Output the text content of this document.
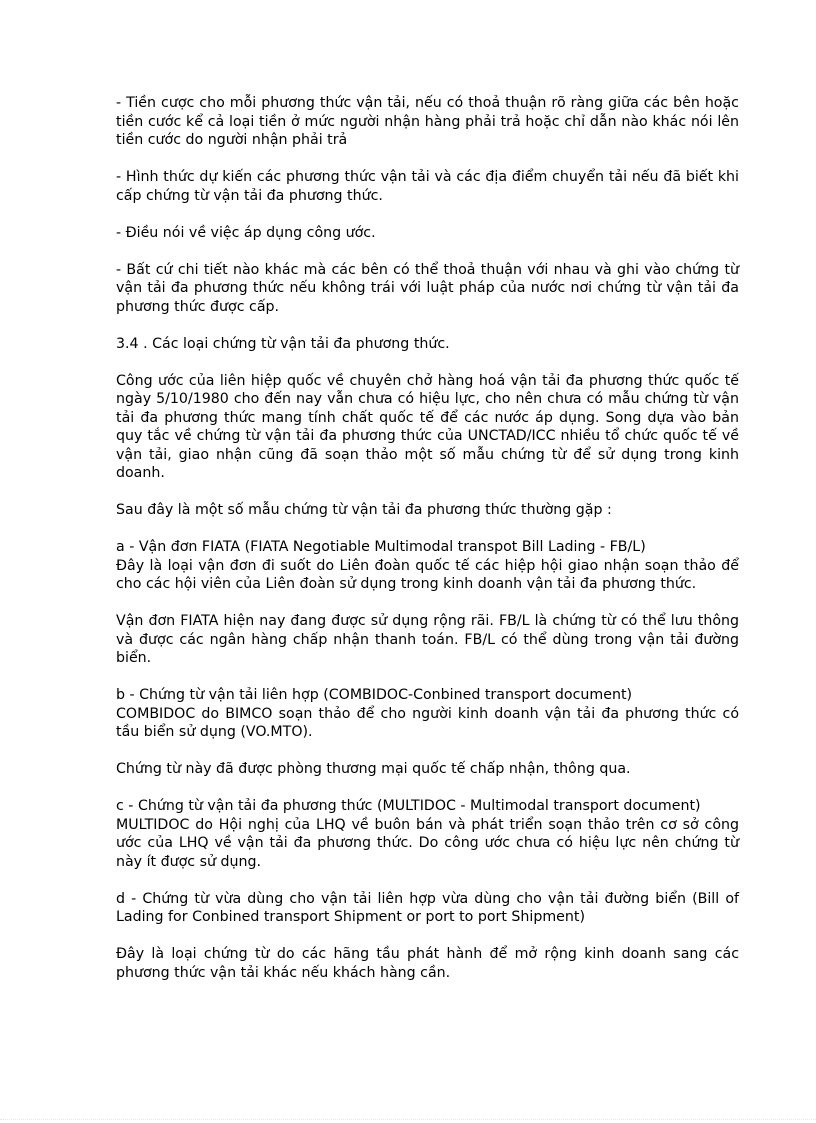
- Tiền cược cho mỗi phương thức vận tải, nếu có thoả thuận rõ ràng giữa các bên hoặc tiền cước kể cả loại tiền ở mức người nhận hàng phải trả hoặc chỉ dẫn nào khác nói lên tiền cước do người nhận phải trả

- Hình thức dự kiến các phương thức vận tải và các địa điểm chuyển tải nếu đã biết khi cấp chứng từ vận tải đa phương thức.

- Điều nói về việc áp dụng công ước.

- Bất cứ chi tiết nào khác mà các bên có thể thoả thuận với nhau và ghi vào chứng từ vận tải đa phương thức nếu không trái với luật pháp của nước nơi chứng từ vận tải đa phương thức được cấp.

3.4 . Các loại chứng từ vận tải đa phương thức.

Công ước của liên hiệp quốc về chuyên chở hàng hoá vận tải đa phương thức quốc tế ngày 5/10/1980 cho đến nay vẫn chưa có hiệu lực, cho nên chưa có mẫu chứng từ vận tải đa phương thức mang tính chất quốc tế để các nước áp dụng. Song dựa vào bản quy tắc về chứng từ vận tải đa phương thức của UNCTAD/ICC nhiều tổ chức quốc tế về vận tải, giao nhận cũng đã soạn thảo một số mẫu chứng từ để sử dụng trong kinh doanh.

Sau đây là một số mẫu chứng từ vận tải đa phương thức thường gặp :

a - Vận đơn FIATA (FIATA Negotiable Multimodal transpot Bill Lading - FB/L)

Đây là loại vận đơn đi suốt do Liên đoàn quốc tế các hiệp hội giao nhận soạn thảo để cho các hội viên của Liên đoàn sử dụng trong kinh doanh vận tải đa phương thức.

Vận đơn FIATA hiện nay đang được sử dụng rộng rãi. FB/L là chứng từ có thể lưu thông và được các ngân hàng chấp nhận thanh toán. FB/L có thể dùng trong vận tải đường biển.

b - Chứng từ vận tải liên hợp (COMBIDOC-Conbined transport document)

COMBIDOC do BIMCO soạn thảo để cho người kinh doanh vận tải đa phương thức có tầu biển sử dụng (VO.MTO).

Chứng từ này đã được phòng thương mại quốc tế chấp nhận, thông qua.

c - Chứng từ vận tải đa phương thức (MULTIDOC - Multimodal transport document)

MULTIDOC do Hội nghị của LHQ về buôn bán và phát triển soạn thảo trên cơ sở công ước của LHQ về vận tải đa phương thức. Do công ước chưa có hiệu lực nên chứng từ này ít được sử dụng.

d - Chứng từ vừa dùng cho vận tải liên hợp vừa dùng cho vận tải đường biển (Bill of Lading for Conbined transport Shipment or port to port Shipment)

Đây là loại chứng từ do các hãng tầu phát hành để mở rộng kinh doanh sang các phương thức vận tải khác nếu khách hàng cần.
